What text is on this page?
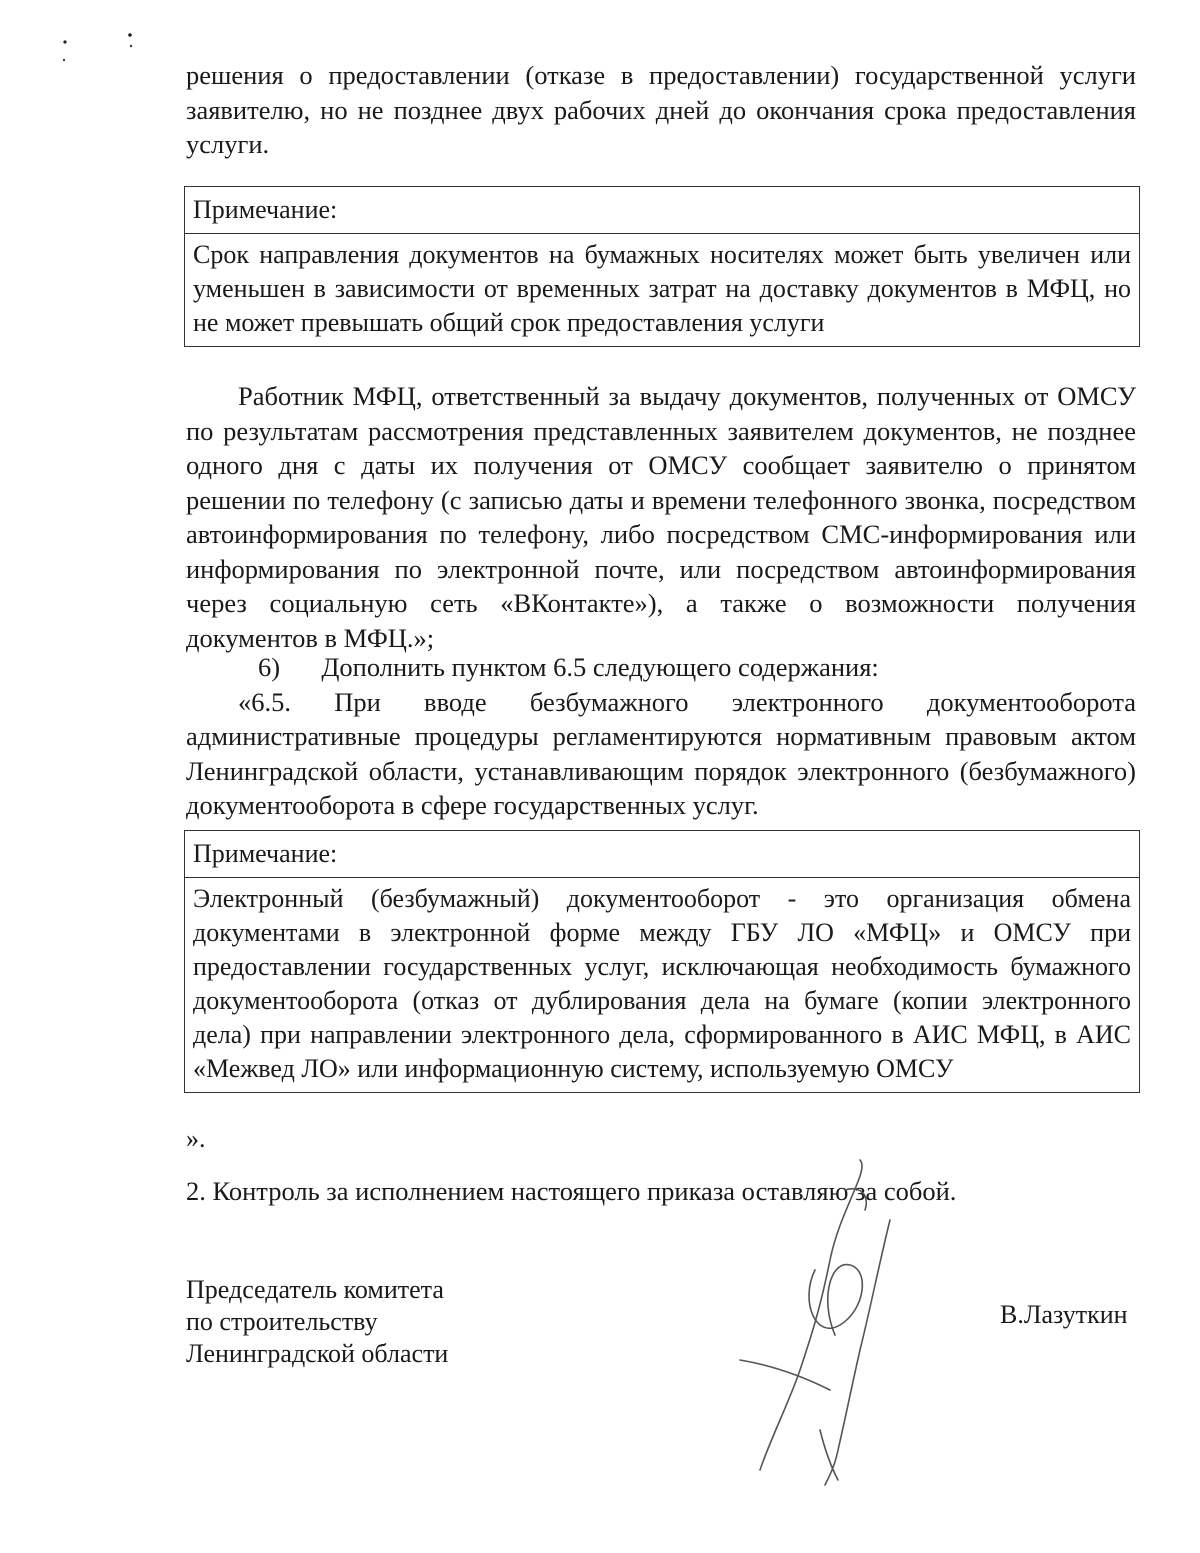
решения о предоставлении (отказе в предоставлении) государственной услуги заявителю, но не позднее двух рабочих дней до окончания срока предоставления услуги.

Примечание:
Срок направления документов на бумажных носителях может быть увеличен или уменьшен в зависимости от временных затрат на доставку документов в МФЦ, но не может превышать общий срок предоставления услуги

Работник МФЦ, ответственный за выдачу документов, полученных от ОМСУ по результатам рассмотрения представленных заявителем документов, не позднее одного дня с даты их получения от ОМСУ сообщает заявителю о принятом решении по телефону (с записью даты и времени телефонного звонка, посредством автоинформирования по телефону, либо посредством СМС-информирования или информирования по электронной почте, или посредством автоинформирования через социальную сеть «ВКонтакте»), а также о возможности получения документов в МФЦ.»;

6) Дополнить пунктом 6.5 следующего содержания:

«6.5. При вводе безбумажного электронного документооборота административные процедуры регламентируются нормативным правовым актом Ленинградской области, устанавливающим порядок электронного (безбумажного) документооборота в сфере государственных услуг.

Примечание:
Электронный (безбумажный) документооборот - это организация обмена документами в электронной форме между ГБУ ЛО «МФЦ» и ОМСУ при предоставлении государственных услуг, исключающая необходимость бумажного документооборота (отказ от дублирования дела на бумаге (копии электронного дела) при направлении электронного дела, сформированного в АИС МФЦ, в АИС «Межвед ЛО» или информационную систему, используемую ОМСУ
».
2. Контроль за исполнением настоящего приказа оставляю за собой.
Председатель комитета
по строительству
Ленинградской области
В.Лазуткин
